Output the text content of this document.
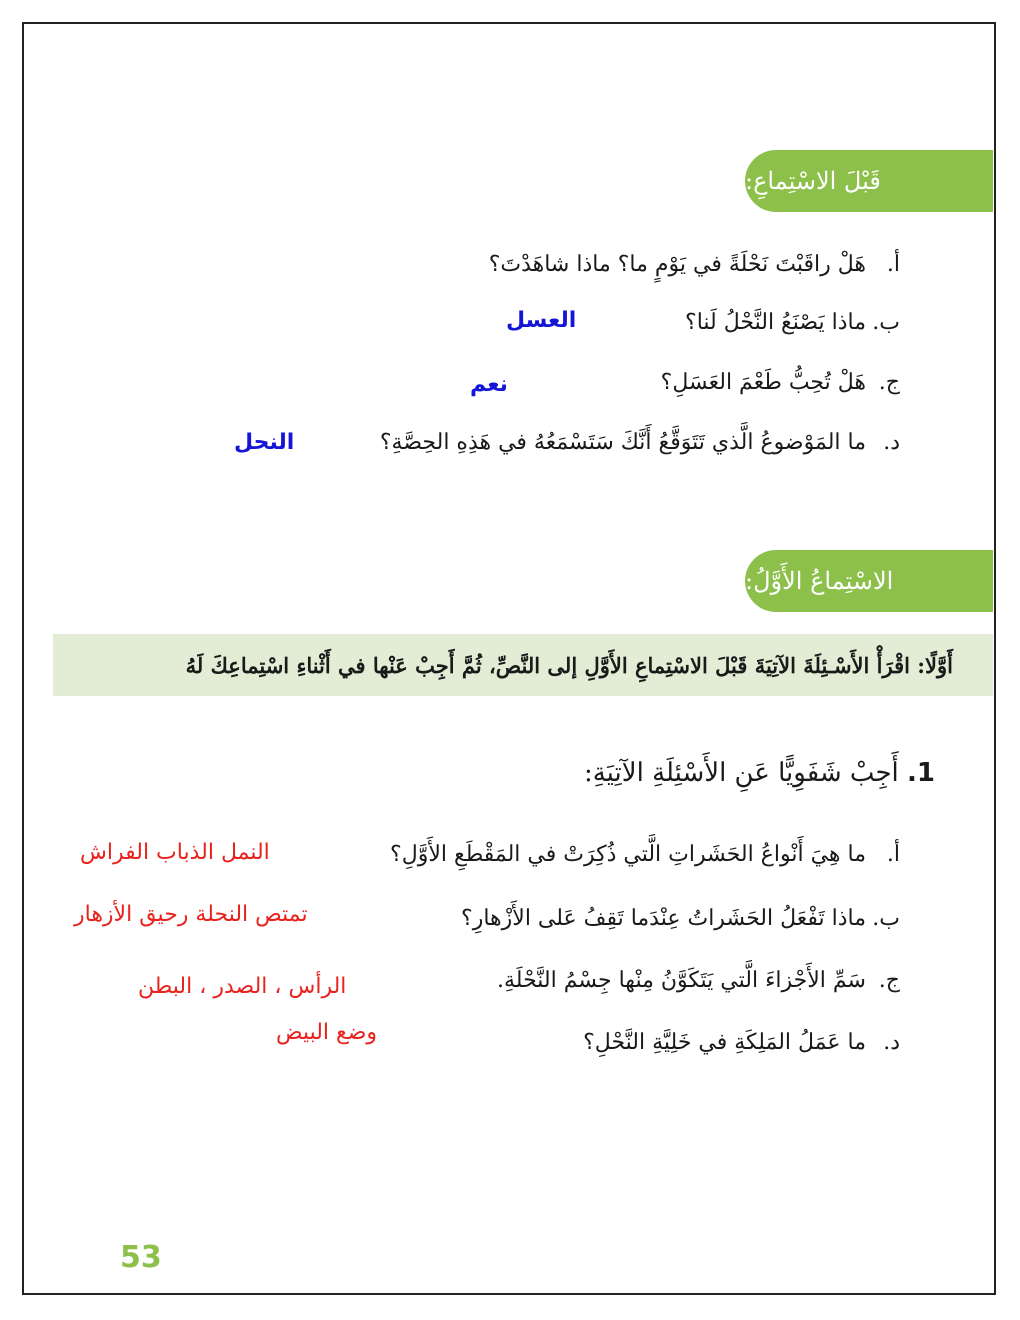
قَبْلَ الاسْتِماعِ:
أ.هَلْ راقَبْتَ نَحْلَةً في يَوْمٍ ما؟ ماذا شاهَدْتَ؟
ب.ماذا يَصْنَعُ النَّحْلُ لَنا؟
العسل
ج.هَلْ تُحِبُّ طَعْمَ العَسَلِ؟
نعم
د.ما المَوْضوعُ الَّذي تَتَوَقَّعُ أَنَّكَ سَتَسْمَعُهُ في هَذِهِ الحِصَّةِ؟
النحل
الاسْتِماعُ الأَوَّلُ:
أَوَّلًا: اقْرَأْ الأَسْـئِلَةَ الآتِيَةَ قَبْلَ الاسْتِماعِ الأَوَّلِ إلى النَّصِّ، ثُمَّ أَجِبْ عَنْها في أَثْناءِ اسْتِماعِكَ لَهُ
1. أَجِبْ شَفَوِيًّا عَنِ الأَسْئِلَةِ الآتِيَةِ:
أ.ما هِيَ أَنْواعُ الحَشَراتِ الَّتي ذُكِرَتْ في المَقْطَعِ الأَوَّلِ؟
النمل الذباب الفراش
ب.ماذا تَفْعَلُ الحَشَراتُ عِنْدَما تَقِفُ عَلى الأَزْهارِ؟
تمتص النحلة رحيق الأزهار
ج.سَمِّ الأَجْزاءَ الَّتي يَتَكَوَّنُ مِنْها جِسْمُ النَّحْلَةِ.
الرأس ، الصدر ، البطن
د.ما عَمَلُ المَلِكَةِ في خَلِيَّةِ النَّحْلِ؟
وضع البيض
53
